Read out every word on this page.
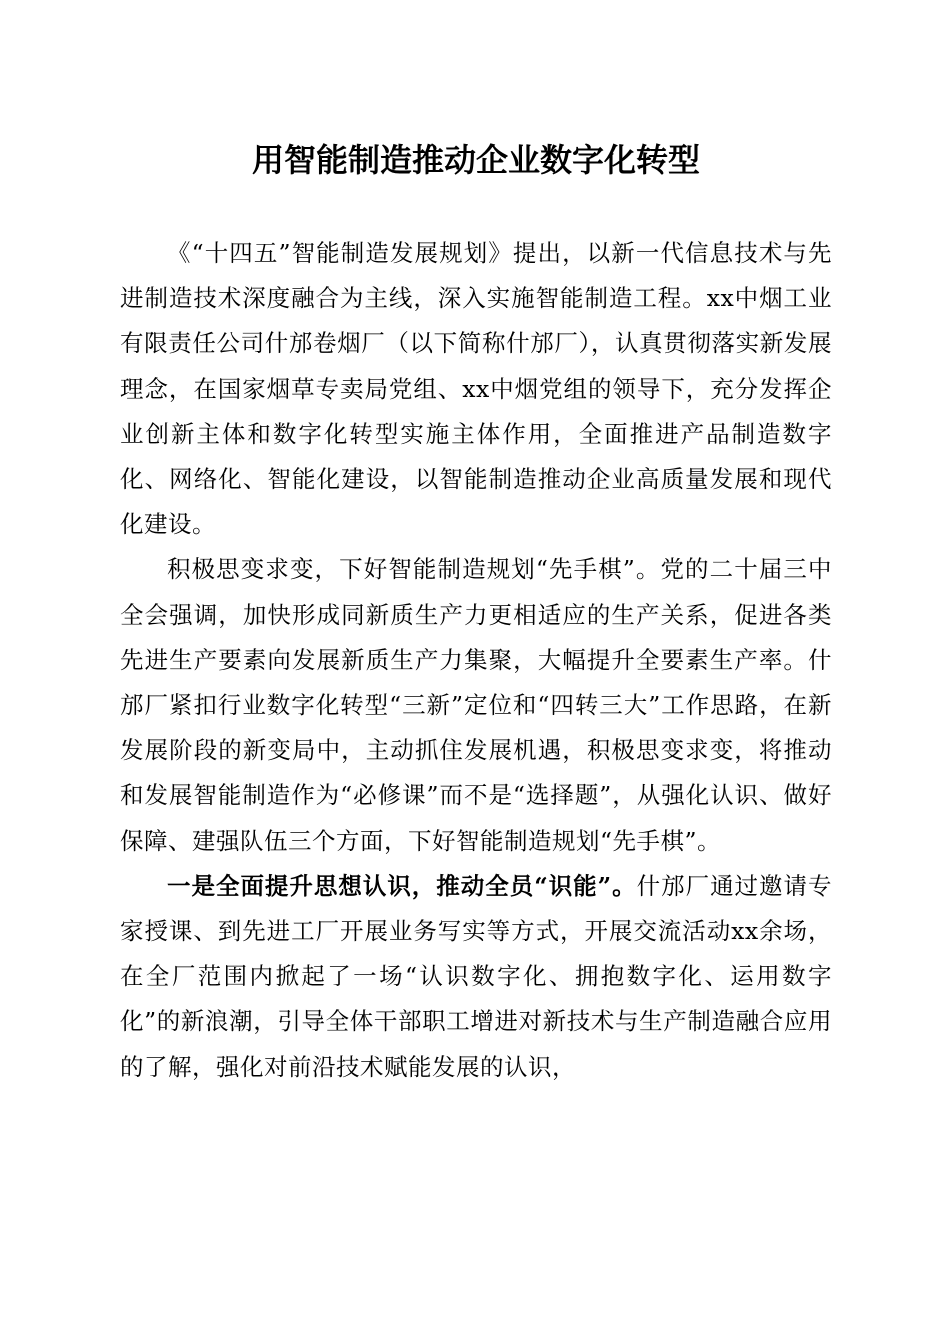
用智能制造推动企业数字化转型

《“十四五”智能制造发展规划》提出，以新一代信息技术与先进制造技术深度融合为主线，深入实施智能制造工程。xx中烟工业有限责任公司什邡卷烟厂（以下简称什邡厂），认真贯彻落实新发展理念，在国家烟草专卖局党组、xx中烟党组的领导下，充分发挥企业创新主体和数字化转型实施主体作用，全面推进产品制造数字化、网络化、智能化建设，以智能制造推动企业高质量发展和现代化建设。

积极思变求变，下好智能制造规划“先手棋”。党的二十届三中全会强调，加快形成同新质生产力更相适应的生产关系，促进各类先进生产要素向发展新质生产力集聚，大幅提升全要素生产率。什邡厂紧扣行业数字化转型“三新”定位和“四转三大”工作思路，在新发展阶段的新变局中，主动抓住发展机遇，积极思变求变，将推动和发展智能制造作为“必修课”而不是“选择题”，从强化认识、做好保障、建强队伍三个方面，下好智能制造规划“先手棋”。

一是全面提升思想认识，推动全员“识能”。什邡厂通过邀请专家授课、到先进工厂开展业务写实等方式，开展交流活动xx余场，在全厂范围内掀起了一场“认识数字化、拥抱数字化、运用数字化”的新浪潮，引导全体干部职工增进对新技术与生产制造融合应用的了解，强化对前沿技术赋能发展的认识，
